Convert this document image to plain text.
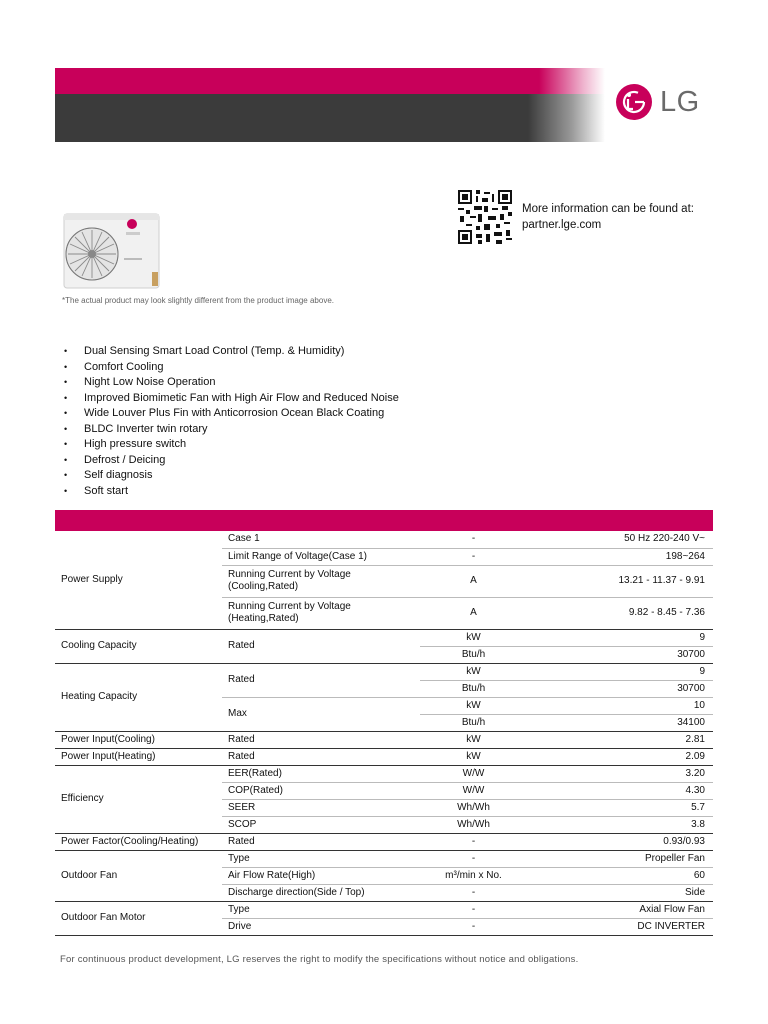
LG
*The actual product may look slightly different from the product image above.
More information can be found at:
partner.lge.com
• Dual Sensing Smart Load Control (Temp. & Humidity)
• Comfort Cooling
• Night Low Noise Operation
• Improved Biomimetic Fan with High Air Flow and Reduced Noise
• Wide Louver Plus Fin with Anticorrosion Ocean Black Coating
• BLDC Inverter twin rotary
• High pressure switch
• Defrost / Deicing
• Self diagnosis
• Soft start
Power Supply	Case 1	-	50 Hz 220-240 V~
	Limit Range of Voltage(Case 1)	-	198~264

	Running Current by Voltage
(Cooling,Rated)	A	13.21 - 11.37 - 9.91

	Running Current by Voltage
(Heating,Rated)	A	9.82 - 8.45 - 7.36
Cooling Capacity	Rated	kW	9
		Btu/h	30700
Heating Capacity	Rated	kW	9
		Btu/h	30700
	Max	kW	10
		Btu/h	34100
Power Input(Cooling)	Rated	kW	2.81
Power Input(Heating)	Rated	kW	2.09
Efficiency	EER(Rated)	W/W	3.20
	COP(Rated)	W/W	4.30
	SEER	Wh/Wh	5.7
	SCOP	Wh/Wh	3.8
Power Factor(Cooling/Heating)	Rated	-	0.93/0.93
Outdoor Fan	Type	-	Propeller Fan
	Air Flow Rate(High)	m³/min x No.	60
	Discharge direction(Side / Top)	-	Side
Outdoor Fan Motor	Type	-	Axial Flow Fan
	Drive	-	DC INVERTER
For continuous product development, LG reserves the right to modify the specifications without notice and obligations.
